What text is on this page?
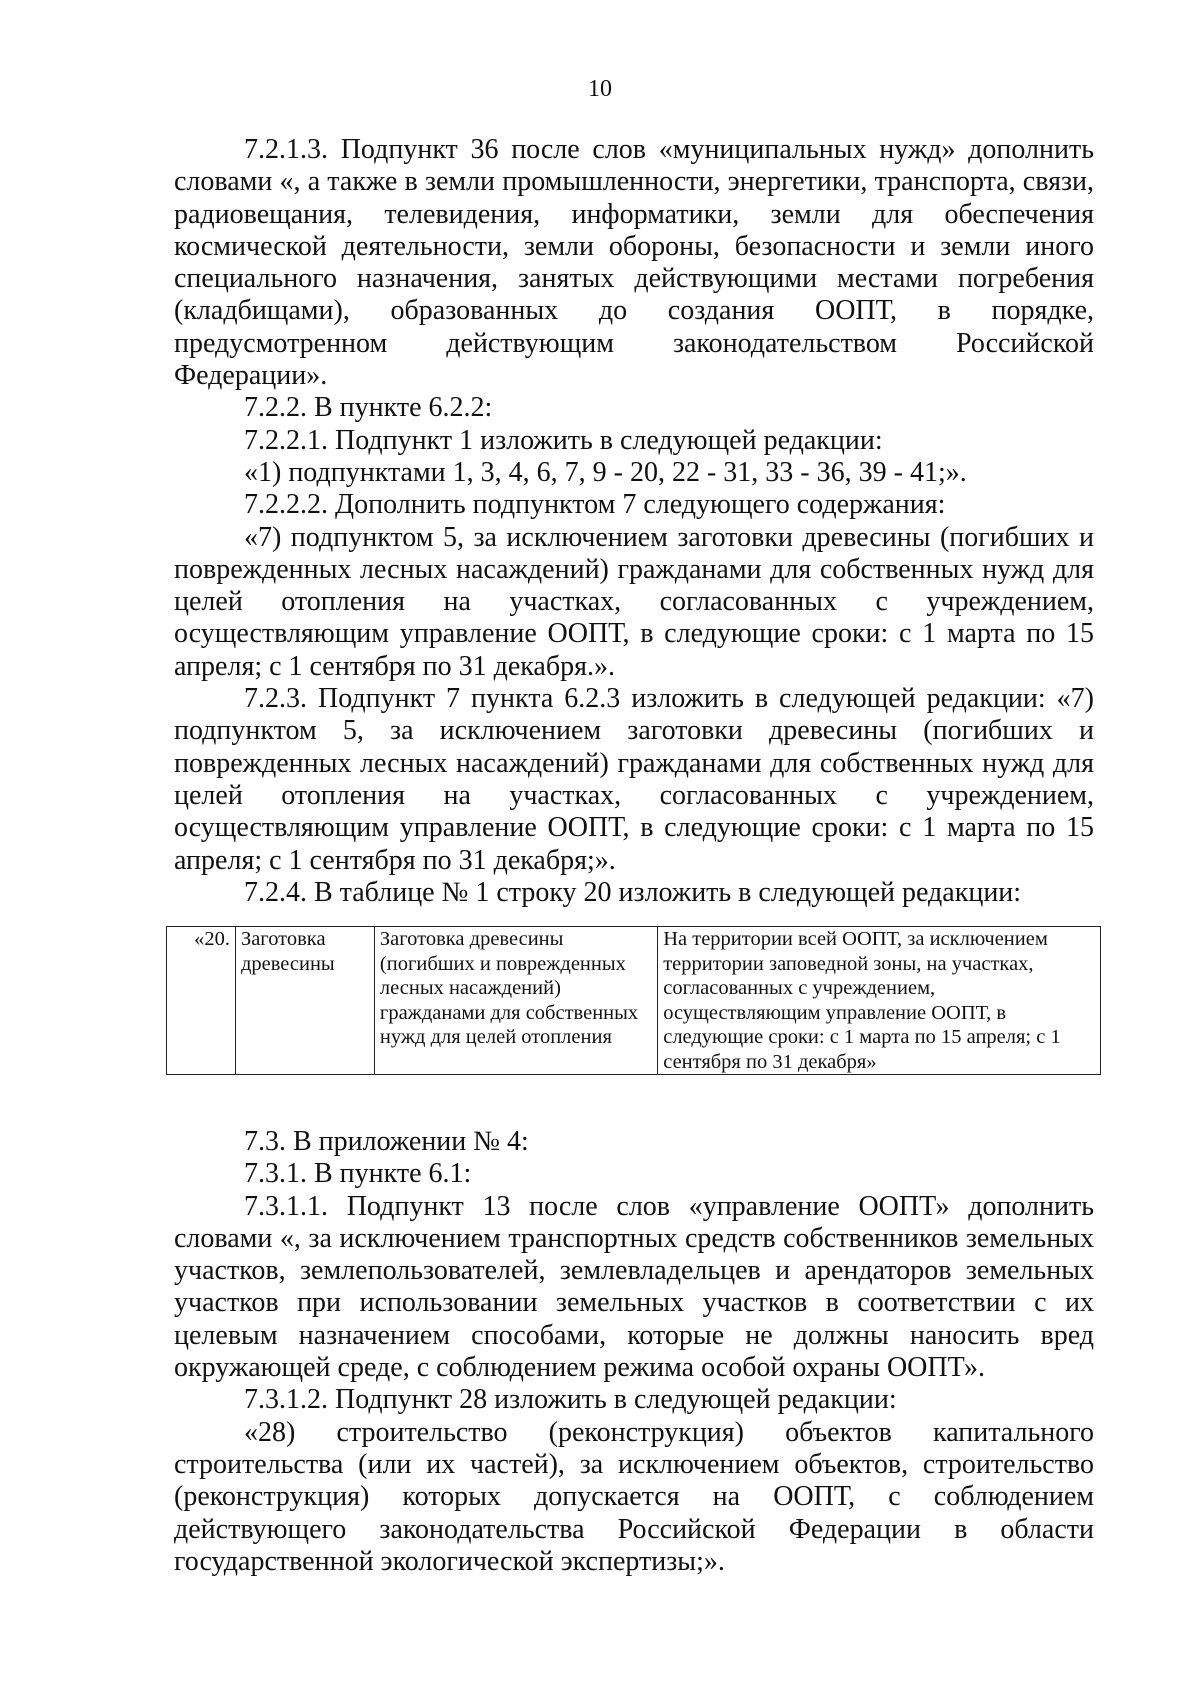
10

7.2.1.3. Подпункт 36 после слов «муниципальных нужд» дополнить словами «, а также в земли промышленности, энергетики, транспорта, связи, радиовещания, телевидения, информатики, земли для обеспечения космической деятельности, земли обороны, безопасности и земли иного специального назначения, занятых действующими местами погребения (кладбищами), образованных до создания ООПТ, в порядке, предусмотренном действующим законодательством Российской Федерации».

7.2.2. В пункте 6.2.2:

7.2.2.1. Подпункт 1 изложить в следующей редакции:

«1) подпунктами 1, 3, 4, 6, 7, 9 - 20, 22 - 31, 33 - 36, 39 - 41;».

7.2.2.2. Дополнить подпунктом 7 следующего содержания:

«7) подпунктом 5, за исключением заготовки древесины (погибших и поврежденных лесных насаждений) гражданами для собственных нужд для целей отопления на участках, согласованных с учреждением, осуществляющим управление ООПТ, в следующие сроки: с 1 марта по 15 апреля; с 1 сентября по 31 декабря.».

7.2.3. Подпункт 7 пункта 6.2.3 изложить в следующей редакции: «7) подпунктом 5, за исключением заготовки древесины (погибших и поврежденных лесных насаждений) гражданами для собственных нужд для целей отопления на участках, согласованных с учреждением, осуществляющим управление ООПТ, в следующие сроки: с 1 марта по 15 апреля; с 1 сентября по 31 декабря;».

7.2.4. В таблице № 1 строку 20 изложить в следующей редакции:

«20.	Заготовка древесины	Заготовка древесины (погибших и поврежденных лесных насаждений) гражданами для собственных нужд для целей отопления	На территории всей ООПТ, за исключением территории заповедной зоны, на участках, согласованных с учреждением, осуществляющим управление ООПТ, в следующие сроки: с 1 марта по 15 апреля; с 1 сентября по 31 декабря»

7.3. В приложении № 4:

7.3.1. В пункте 6.1:

7.3.1.1. Подпункт 13 после слов «управление ООПТ» дополнить словами «, за исключением транспортных средств собственников земельных участков, землепользователей, землевладельцев и арендаторов земельных участков при использовании земельных участков в соответствии с их целевым назначением способами, которые не должны наносить вред окружающей среде, с соблюдением режима особой охраны ООПТ».

7.3.1.2. Подпункт 28 изложить в следующей редакции:

«28) строительство (реконструкция) объектов капитального строительства (или их частей), за исключением объектов, строительство (реконструкция) которых допускается на ООПТ, с соблюдением действующего законодательства Российской Федерации в области государственной экологической экспертизы;».
